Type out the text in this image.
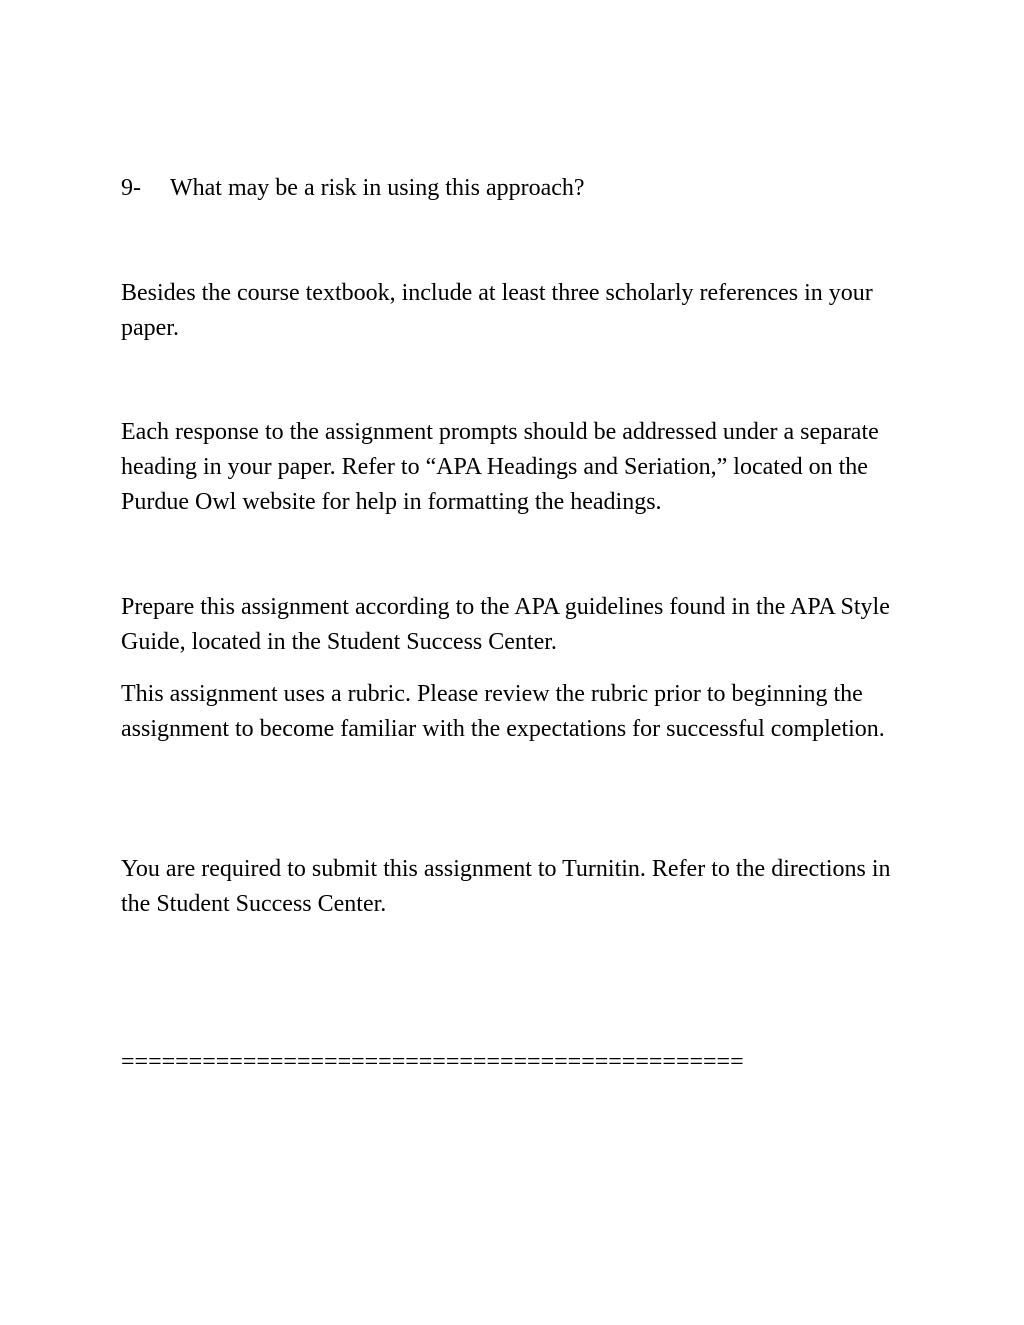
9- What may be a risk in using this approach?

Besides the course textbook, include at least three scholarly references in your paper.

Each response to the assignment prompts should be addressed under a separate heading in your paper. Refer to “APA Headings and Seriation,” located on the Purdue Owl website for help in formatting the headings.

Prepare this assignment according to the APA guidelines found in the APA Style Guide, located in the Student Success Center.

This assignment uses a rubric. Please review the rubric prior to beginning the assignment to become familiar with the expectations for successful completion.

You are required to submit this assignment to Turnitin. Refer to the directions in the Student Success Center.

==============================================
